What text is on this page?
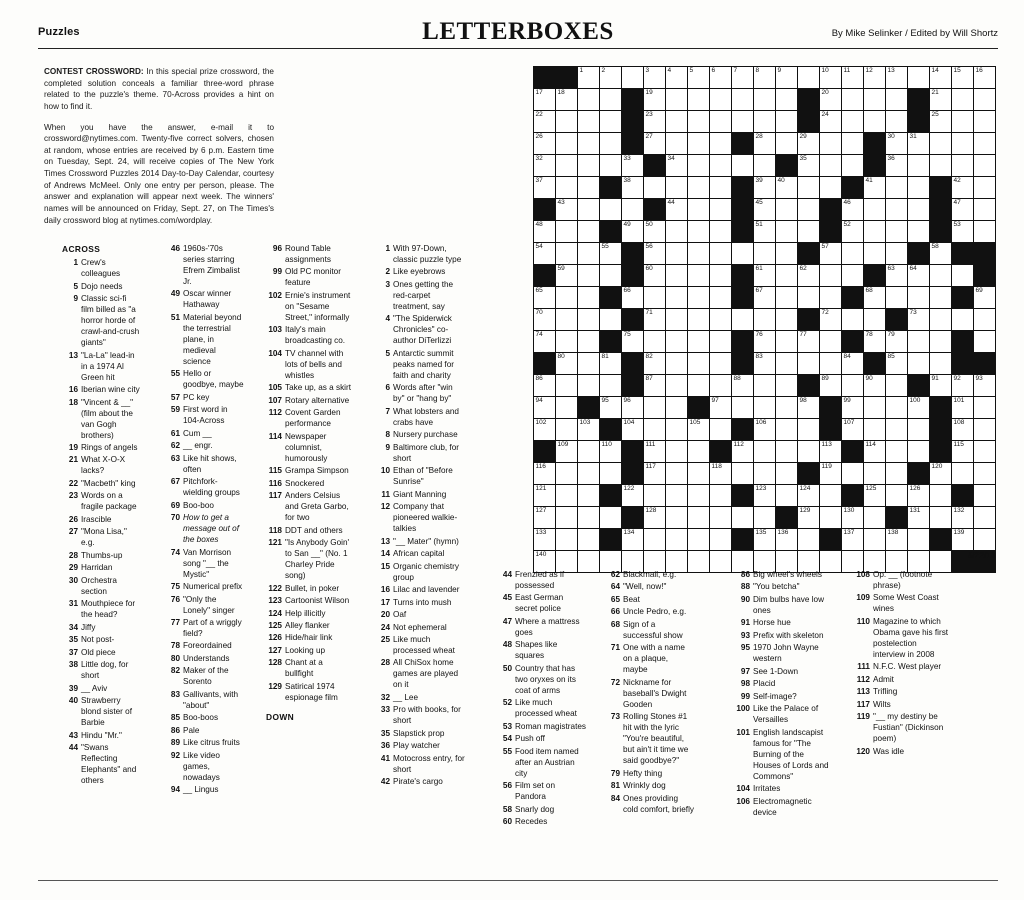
Puzzles	LETTERBOXES	By Mike Selinker / Edited by Will Shortz

CONTEST CROSSWORD: In this special prize crossword, the completed solution conceals a familiar three-word phrase related to the puzzle's theme. 70-Across provides a hint on how to find it.

When you have the answer, e-mail it to crossword@nytimes.com. Twenty-five correct solvers, chosen at random, whose entries are received by 6 p.m. Eastern time on Tuesday, Sept. 24, will receive copies of The New York Times Crossword Puzzles 2014 Day-to-Day Calendar, courtesy of Andrews McMeel. Only one entry per person, please. The answer and explanation will appear next week. The winners' names will be announced on Friday, Sept. 27, on The Times's daily crossword blog at nytimes.com/wordplay.

		1	2		3	4	5	6	7	8	9		10	11	12	13		14	15	16

17	18				19								20					21		

22					23								24					25		

26					27					28		29				30	31			

32				33		34						35				36				

37				38						39	40				41				42	

	43					44				45				46					47	

48				49	50					51				52					53	

54			55		56								57					58		

	59				60					61		62				63	64			

65				66						67					68					69

70					71								72				73			

74				75						76		77			78	79				

	80		81		82					83				84		85				

86					87				88				89		90			91	92	93

94			95	96				97				98		99			100		101	

102		103		104			105			106				107					108	

	109		110		111				112				113		114				115	

116					117			118					119					120		

121				122						123		124			125		126			

127					128							129		130			131		132	

133				134						135	136			137		138			139	

140																				
																					9/22/13
ACROSS
1 Crew's colleagues
5 Dojo needs
9 Classic sci-fi film billed as "a horror horde of crawl-and-crush giants"
13 "La-La" lead-in in a 1974 Al Green hit
16 Iberian wine city
18 "Vincent & __" (film about the van Gogh brothers)
19 Rings of angels
21 What X-O-X lacks?
22 "Macbeth" king
23 Words on a fragile package
26 Irascible
27 "Mona Lisa," e.g.
28 Thumbs-up
29 Harridan
30 Orchestra section
31 Mouthpiece for the head?
34 Jiffy
35 Not post-
37 Old piece
38 Little dog, for short
39 __ Aviv
40 Strawberry blond sister of Barbie
43 Hindu "Mr."
44 "Swans Reflecting Elephants" and others
46 1960s-'70s series starring Efrem Zimbalist Jr.
49 Oscar winner Hathaway
51 Material beyond the terrestrial plane, in medieval science
55 Hello or goodbye, maybe
57 PC key
59 First word in 104-Across
61 Cum __
62 __ engr.
63 Like hit shows, often
67 Pitchfork-wielding groups
69 Boo-boo
70 How to get a message out of the boxes
74 Van Morrison song "__ the Mystic"
75 Numerical prefix
76 "Only the Lonely" singer
77 Part of a wriggly field?
78 Foreordained
80 Understands
82 Maker of the Sorento
83 Gallivants, with "about"
85 Boo-boos
86 Pale
89 Like citrus fruits
92 Like video games, nowadays
94 __ Lingus
96 Round Table assignments
99 Old PC monitor feature
102 Ernie's instrument on "Sesame Street," informally
103 Italy's main broadcasting co.
104 TV channel with lots of bells and whistles
105 Take up, as a skirt
107 Rotary alternative
112 Covent Garden performance
114 Newspaper columnist, humorously
115 Grampa Simpson
116 Snockered
117 Anders Celsius and Greta Garbo, for two
118 DDT and others
121 "Is Anybody Goin' to San __" (No. 1 Charley Pride song)
122 Bullet, in poker
123 Cartoonist Wilson
124 Help illicitly
125 Alley flanker
126 Hide/hair link
127 Looking up
128 Chant at a bullfight
129 Satirical 1974 espionage film
DOWN
1 With 97-Down, classic puzzle type
2 Like eyebrows
3 Ones getting the red-carpet treatment, say
4 "The Spiderwick Chronicles" co-author DiTerlizzi
5 Antarctic summit peaks named for faith and charity
6 Words after "win by" or "hang by"
7 What lobsters and crabs have
8 Nursery purchase
9 Baltimore club, for short
10 Ethan of "Before Sunrise"
11 Giant Manning
12 Company that pioneered walkie-talkies
13 "__ Mater" (hymn)
14 African capital
15 Organic chemistry group
16 Lilac and lavender
17 Turns into mush
20 Oaf
24 Not ephemeral
25 Like much processed wheat
28 All ChiSox home games are played on it
32 __ Lee
33 Pro with books, for short
35 Slapstick prop
36 Play watcher
41 Motocross entry, for short
42 Pirate's cargo
44 Frenzied as if possessed
45 East German secret police
47 Where a mattress goes
48 Shapes like squares
50 Country that has two oryxes on its coat of arms
52 Like much processed wheat
53 Roman magistrates
54 Push off
55 Food item named after an Austrian city
56 Film set on Pandora
58 Snarly dog
60 Recedes
62 Blackmail, e.g.
64 "Well, now!"
65 Beat
66 Uncle Pedro, e.g.
68 Sign of a successful show
71 One with a name on a plaque, maybe
72 Nickname for baseball's Dwight Gooden
73 Rolling Stones #1 hit with the lyric "You're beautiful, but ain't it time we said goodbye?"
79 Hefty thing
81 Wrinkly dog
84 Ones providing cold comfort, briefly
86 Big wheel's wheels
88 "You betcha"
90 Dim bulbs have low ones
91 Horse hue
93 Prefix with skeleton
95 1970 John Wayne western
97 See 1-Down
98 Placid
99 Self-image?
100 Like the Palace of Versailles
101 English landscapist famous for "The Burning of the Houses of Lords and Commons"
104 Irritates
106 Electromagnetic device
108 Op. __ (footnote phrase)
109 Some West Coast wines
110 Magazine to which Obama gave his first postelection interview in 2008
111 N.F.C. West player
112 Admit
113 Trifling
117 Wilts
119 "__ my destiny be Fustian" (Dickinson poem)
120 Was idle
